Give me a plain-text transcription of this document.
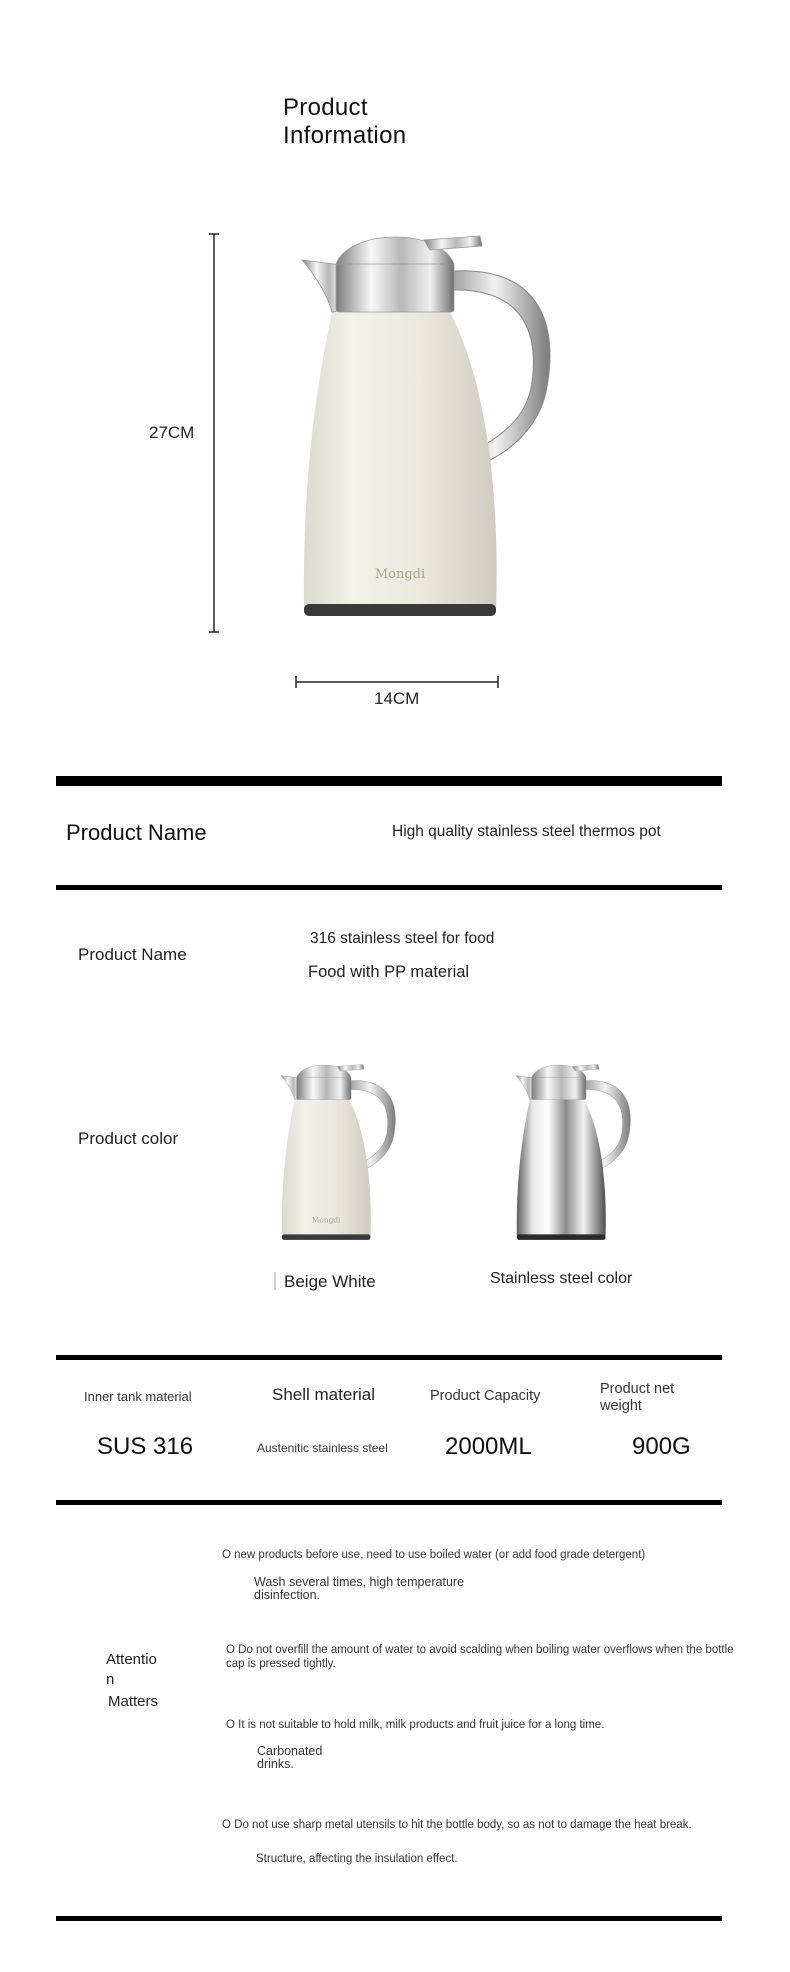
Product
Information
27CM
Mongdi
14CM
Product Name	High quality stainless steel thermos pot
Product Name
316 stainless steel for food
Food with PP material
Product color
Mongdi
Beige White	Stainless steel color
Inner tank material
SUS 316
Shell material
Austenitic stainless steel
Product Capacity
2000ML
Product net
weight
900G
Attentio
n
Matters
O new products before use, need to use boiled water (or add food grade detergent)
Wash several times, high temperature
disinfection.
O Do not overfill the amount of water to avoid scalding when boiling water overflows when the bottle
cap is pressed tightly.
O It is not suitable to hold milk, milk products and fruit juice for a long time.
Carbonated
drinks.
O Do not use sharp metal utensils to hit the bottle body, so as not to damage the heat break.
Structure, affecting the insulation effect.
